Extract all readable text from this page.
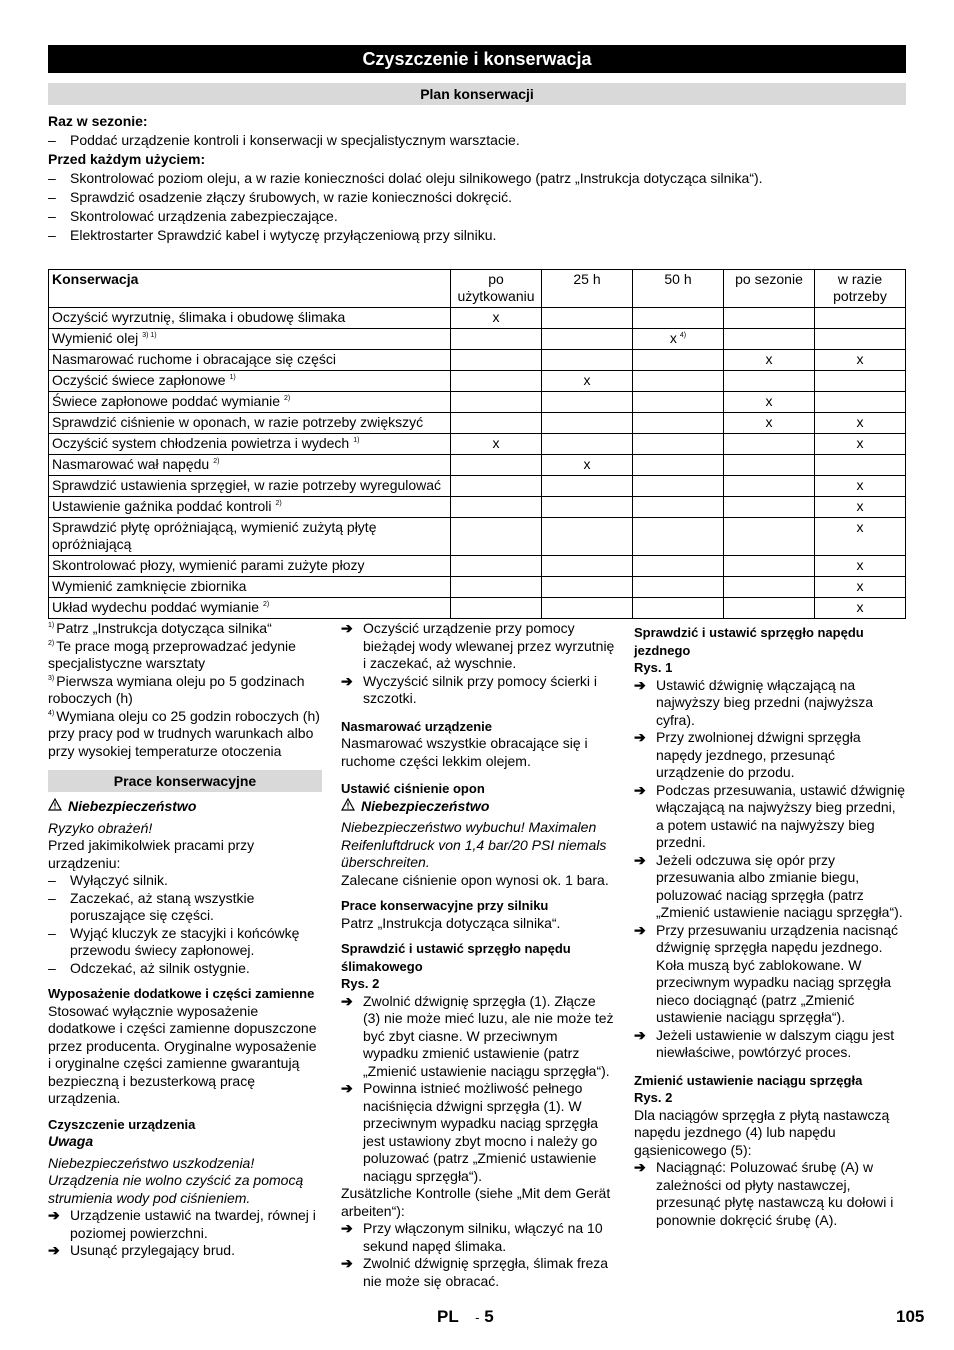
Czyszczenie i konserwacja
Plan konserwacji

Raz w sezonie:

– Poddać urządzenie kontroli i konserwacji w specjalistycznym warsztacie.

Przed każdym użyciem:

– Skontrolować poziom oleju, a w razie konieczności dolać oleju silnikowego (patrz „Instrukcja dotycząca silnika“).

– Sprawdzić osadzenie złączy śrubowych, w razie konieczności dokręcić.

– Skontrolować urządzenia zabezpieczające.

– Elektrostarter Sprawdzić kabel i wytyczę przyłączeniową przy silniku.

Konserwacja	po użytkowaniu	25 h	50 h	po sezonie	w razie potrzeby
Oczyścić wyrzutnię, ślimaka i obudowę ślimaka	x				
Wymienić olej $^{3) 1)}$			x $^{4)}$		
Nasmarować ruchome i obracające się części				x	x
Oczyścić świece zapłonowe $^{1)}$		x			
Świece zapłonowe poddać wymianie $^{2)}$				x	
Sprawdzić ciśnienie w oponach, w razie potrzeby zwiększyć				x	x
Oczyścić system chłodzenia powietrza i wydech $^{1)}$	x				x
Nasmarować wał napędu $^{2)}$		x			
Sprawdzić ustawienia sprzęgieł, w razie potrzeby wyregulować					x
Ustawienie gaźnika poddać kontroli $^{2)}$					x
Sprawdzić płytę opróżniającą, wymienić zużytą płytę opróżniającą					x
Skontrolować płozy, wymienić parami zużyte płozy					x
Wymienić zamknięcie zbiornika					x
Układ wydechu poddać wymianie $^{2)}$					x

$^{1)}$ Patrz „Instrukcja dotycząca silnika“

$^{2)}$ Te prace mogą przeprowadzać jedynie specjalistyczne warsztaty

$^{3)}$ Pierwsza wymiana oleju po 5 godzinach roboczych (h)

$^{4)}$ Wymiana oleju co 25 godzin roboczych (h) przy pracy pod w trudnych warunkach albo przy wysokiej temperaturze otoczenia

Prace konserwacyjne

Niebezpieczeństwo

Ryzyko obrażeń!

Przed jakimikolwiek pracami przy urządzeniu:

– Wyłączyć silnik.

– Zaczekać, aż staną wszystkie poruszające się części.

– Wyjąć kluczyk ze stacyjki i końcówkę przewodu świecy zapłonowej.

– Odczekać, aż silnik ostygnie.

Wyposażenie dodatkowe i części zamienne

Stosować wyłącznie wyposażenie dodatkowe i części zamienne dopuszczone przez producenta. Oryginalne wyposażenie i oryginalne części zamienne gwarantują bezpieczną i bezusterkową pracę urządzenia.

Czyszczenie urządzenia

Uwaga

Niebezpieczeństwo uszkodzenia! Urządzenia nie wolno czyścić za pomocą strumienia wody pod ciśnieniem.

➔ Urządzenie ustawić na twardej, równej i poziomej powierzchni.

➔ Usunąć przylegający brud.

➔ Oczyścić urządzenie przy pomocy bieżądej wody wlewanej przez wyrzutnię i zaczekać, aż wyschnie.

➔ Wyczyścić silnik przy pomocy ścierki i szczotki.

Nasmarować urządzenie

Nasmarować wszystkie obracające się i ruchome części lekkim olejem.

Ustawić ciśnienie opon

Niebezpieczeństwo

Niebezpieczeństwo wybuchu! Maximalen Reifenluftdruck von 1,4 bar/20 PSI niemals überschreiten.

Zalecane ciśnienie opon wynosi ok. 1 bara.

Prace konserwacyjne przy silniku

Patrz „Instrukcja dotycząca silnika“.

Sprawdzić i ustawić sprzęgło napędu ślimakowego
Rys. 2

➔ Zwolnić dźwignię sprzęgła (1). Złącze (3) nie może mieć luzu, ale nie może też być zbyt ciasne. W przeciwnym wypadku zmienić ustawienie (patrz „Zmienić ustawienie naciągu sprzęgła“).

➔ Powinna istnieć możliwość pełnego naciśnięcia dźwigni sprzęgła (1). W przeciwnym wypadku naciąg sprzęgła jest ustawiony zbyt mocno i należy go poluzować (patrz „Zmienić ustawienie naciągu sprzęgła“).

Zusätzliche Kontrolle (siehe „Mit dem Gerät arbeiten“):

➔ Przy włączonym silniku, włączyć na 10 sekund napęd ślimaka.

➔ Zwolnić dźwignię sprzęgła, ślimak freza nie może się obracać.

Sprawdzić i ustawić sprzęgło napędu jezdnego
Rys. 1

➔ Ustawić dźwignię włączającą na najwyższy bieg przedni (najwyższa cyfra).

➔ Przy zwolnionej dźwigni sprzęgła napędy jezdnego, przesunąć urządzenie do przodu.

➔ Podczas przesuwania, ustawić dźwignię włączającą na najwyższy bieg przedni, a potem ustawić na najwyższy bieg przedni.

➔ Jeżeli odczuwa się opór przy przesuwania albo zmianie biegu, poluzować naciąg sprzęgła (patrz „Zmienić ustawienie naciągu sprzęgła“).

➔ Przy przesuwaniu urządzenia nacisnąć dźwignię sprzęgła napędu jezdnego. Koła muszą być zablokowane. W przeciwnym wypadku naciąg sprzęgła nieco dociągnąć (patrz „Zmienić ustawienie naciągu sprzęgła“).

➔ Jeżeli ustawienie w dalszym ciągu jest niewłaściwe, powtórzyć proces.

Zmienić ustawienie naciągu sprzęgła
Rys. 2

Dla naciągów sprzęgła z płytą nastawczą napędu jezdnego (4) lub napędu gąsienicowego (5):

➔ Naciągnąć: Poluzować śrubę (A) w zależności od płyty nastawczej, przesunąć płytę nastawczą ku dołowi i ponownie dokręcić śrubę (A).

PL - 5	105
